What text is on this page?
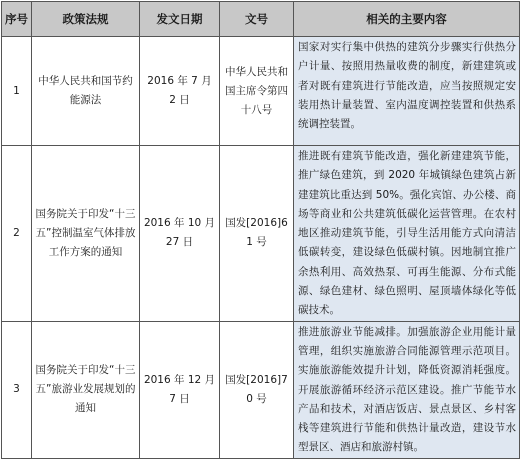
序号	政策法规	发文日期	文号	相关的主要内容
1	中华人民共和国节约能源法	2016 年 7 月 2 日	中华人民共和国主席令第四十八号	国家对实行集中供热的建筑分步骤实行供热分户计量、按照用热量收费的制度，新建建筑或者对既有建筑进行节能改造，应当按照规定安装用热计量装置、室内温度调控装置和供热系统调控装置。
2	国务院关于印发“十三五”控制温室气体排放工作方案的通知	2016 年 10 月 27 日	国发[2016]61 号	推进既有建筑节能改造，强化新建建筑节能，推广绿色建筑，到 2020 年城镇绿色建筑占新建建筑比重达到 50%。强化宾馆、办公楼、商场等商业和公共建筑低碳化运营管理。在农村地区推动建筑节能，引导生活用能方式向清洁低碳转变，建设绿色低碳村镇。因地制宜推广余热利用、高效热泵、可再生能源、分布式能源、绿色建材、绿色照明、屋顶墙体绿化等低碳技术。
3	国务院关于印发“十三五”旅游业发展规划的通知	2016 年 12 月 7 日	国发[2016]70 号	推进旅游业节能减排。加强旅游企业用能计量管理，组织实施旅游合同能源管理示范项目。实施旅游能效提升计划，降低资源消耗强度。开展旅游循环经济示范区建设。推广节能节水产品和技术，对酒店饭店、景点景区、乡村客栈等建筑进行节能和供热计量改造，建设节水型景区、酒店和旅游村镇。
